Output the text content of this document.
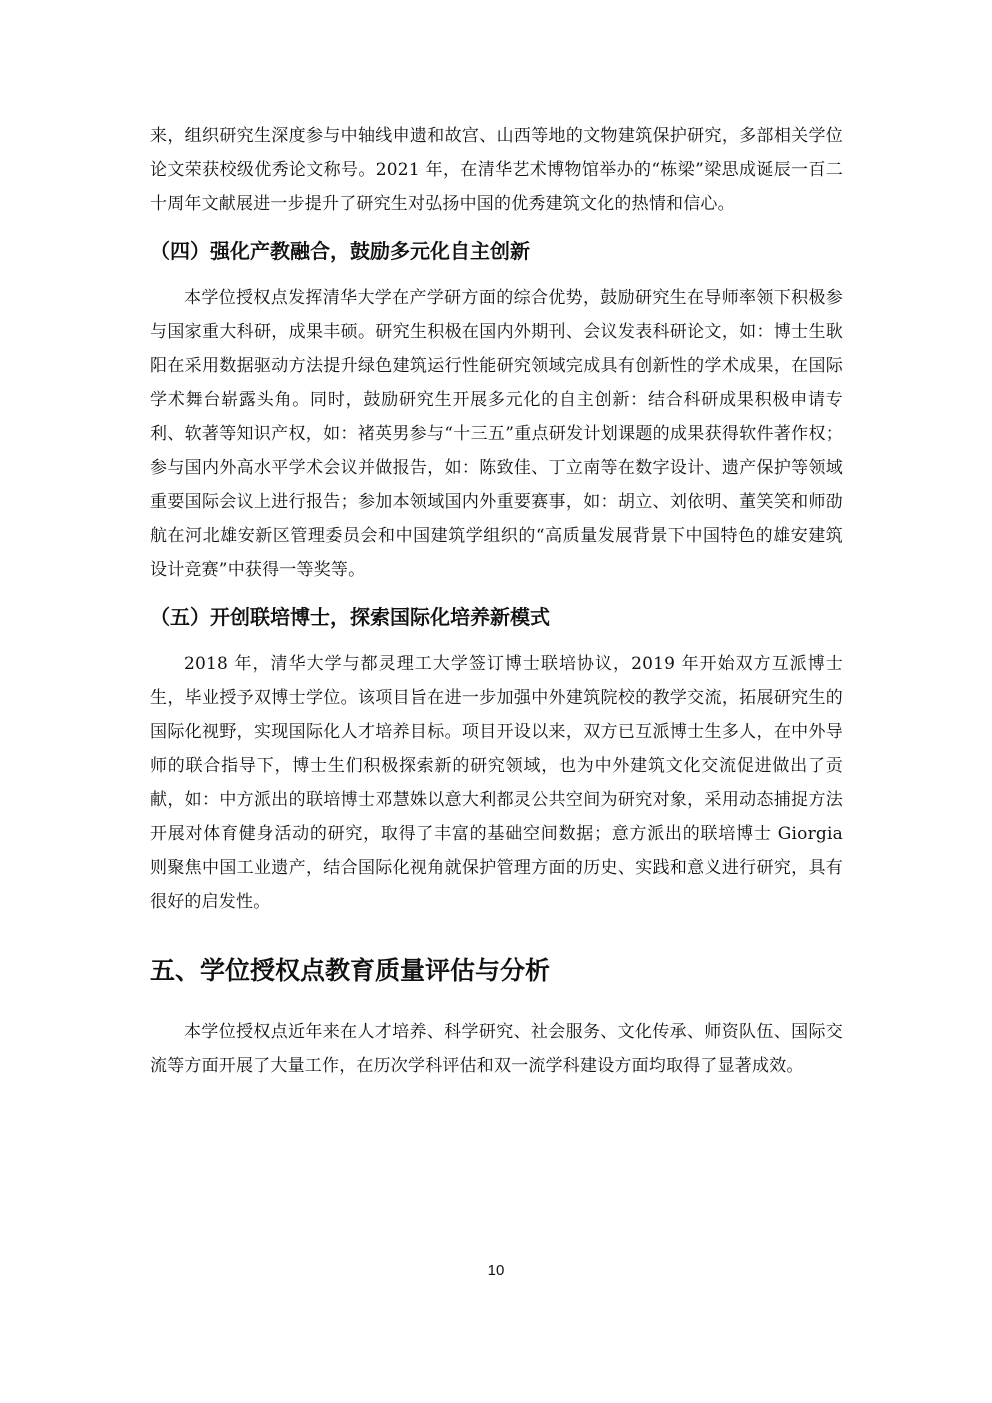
来，组织研究生深度参与中轴线申遗和故宫、山西等地的文物建筑保护研究，多部相关学位论文荣获校级优秀论文称号。2021 年，在清华艺术博物馆举办的“栋梁”梁思成诞辰一百二十周年文献展进一步提升了研究生对弘扬中国的优秀建筑文化的热情和信心。

（四）强化产教融合，鼓励多元化自主创新

本学位授权点发挥清华大学在产学研方面的综合优势，鼓励研究生在导师率领下积极参与国家重大科研，成果丰硕。研究生积极在国内外期刊、会议发表科研论文，如：博士生耿阳在采用数据驱动方法提升绿色建筑运行性能研究领域完成具有创新性的学术成果，在国际学术舞台崭露头角。同时，鼓励研究生开展多元化的自主创新：结合科研成果积极申请专利、软著等知识产权，如：褚英男参与“十三五”重点研发计划课题的成果获得软件著作权；参与国内外高水平学术会议并做报告，如：陈致佳、丁立南等在数字设计、遗产保护等领域重要国际会议上进行报告；参加本领域国内外重要赛事，如：胡立、刘依明、董笑笑和师劭航在河北雄安新区管理委员会和中国建筑学组织的“高质量发展背景下中国特色的雄安建筑设计竞赛”中获得一等奖等。

（五）开创联培博士，探索国际化培养新模式

2018 年，清华大学与都灵理工大学签订博士联培协议，2019 年开始双方互派博士生，毕业授予双博士学位。该项目旨在进一步加强中外建筑院校的教学交流，拓展研究生的国际化视野，实现国际化人才培养目标。项目开设以来，双方已互派博士生多人，在中外导师的联合指导下，博士生们积极探索新的研究领域，也为中外建筑文化交流促进做出了贡献，如：中方派出的联培博士邓慧姝以意大利都灵公共空间为研究对象，采用动态捕捉方法开展对体育健身活动的研究，取得了丰富的基础空间数据；意方派出的联培博士 Giorgia 则聚焦中国工业遗产，结合国际化视角就保护管理方面的历史、实践和意义进行研究，具有很好的启发性。

五、学位授权点教育质量评估与分析

本学位授权点近年来在人才培养、科学研究、社会服务、文化传承、师资队伍、国际交流等方面开展了大量工作，在历次学科评估和双一流学科建设方面均取得了显著成效。

10
